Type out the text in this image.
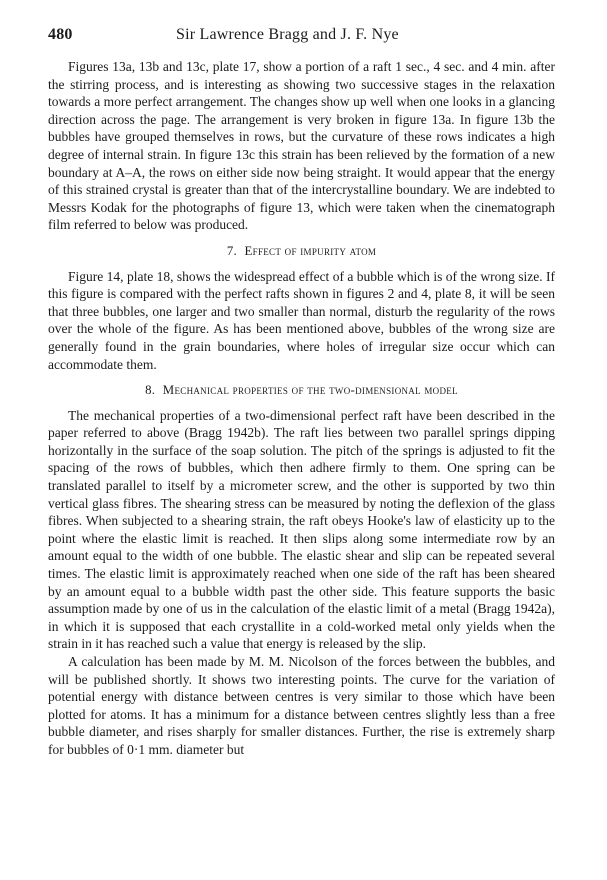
480	Sir Lawrence Bragg and J. F. Nye

Figures 13a, 13b and 13c, plate 17, show a portion of a raft 1 sec., 4 sec. and 4 min. after the stirring process, and is interesting as showing two successive stages in the relaxation towards a more perfect arrangement. The changes show up well when one looks in a glancing direction across the page. The arrangement is very broken in figure 13a. In figure 13b the bubbles have grouped themselves in rows, but the curvature of these rows indicates a high degree of internal strain. In figure 13c this strain has been relieved by the formation of a new boundary at A–A, the rows on either side now being straight. It would appear that the energy of this strained crystal is greater than that of the intercrystalline boundary. We are indebted to Messrs Kodak for the photographs of figure 13, which were taken when the cinematograph film referred to below was produced.

7. Effect of impurity atom

Figure 14, plate 18, shows the widespread effect of a bubble which is of the wrong size. If this figure is compared with the perfect rafts shown in figures 2 and 4, plate 8, it will be seen that three bubbles, one larger and two smaller than normal, disturb the regularity of the rows over the whole of the figure. As has been mentioned above, bubbles of the wrong size are generally found in the grain boundaries, where holes of irregular size occur which can accommodate them.

8. Mechanical properties of the two-dimensional model

The mechanical properties of a two-dimensional perfect raft have been described in the paper referred to above (Bragg 1942b). The raft lies between two parallel springs dipping horizontally in the surface of the soap solution. The pitch of the springs is adjusted to fit the spacing of the rows of bubbles, which then adhere firmly to them. One spring can be translated parallel to itself by a micrometer screw, and the other is supported by two thin vertical glass fibres. The shearing stress can be measured by noting the deflexion of the glass fibres. When subjected to a shearing strain, the raft obeys Hooke's law of elasticity up to the point where the elastic limit is reached. It then slips along some intermediate row by an amount equal to the width of one bubble. The elastic shear and slip can be repeated several times. The elastic limit is approximately reached when one side of the raft has been sheared by an amount equal to a bubble width past the other side. This feature supports the basic assumption made by one of us in the calculation of the elastic limit of a metal (Bragg 1942a), in which it is supposed that each crystallite in a cold-worked metal only yields when the strain in it has reached such a value that energy is released by the slip.

A calculation has been made by M. M. Nicolson of the forces between the bubbles, and will be published shortly. It shows two interesting points. The curve for the variation of potential energy with distance between centres is very similar to those which have been plotted for atoms. It has a minimum for a distance between centres slightly less than a free bubble diameter, and rises sharply for smaller distances. Further, the rise is extremely sharp for bubbles of 0·1 mm. diameter but
